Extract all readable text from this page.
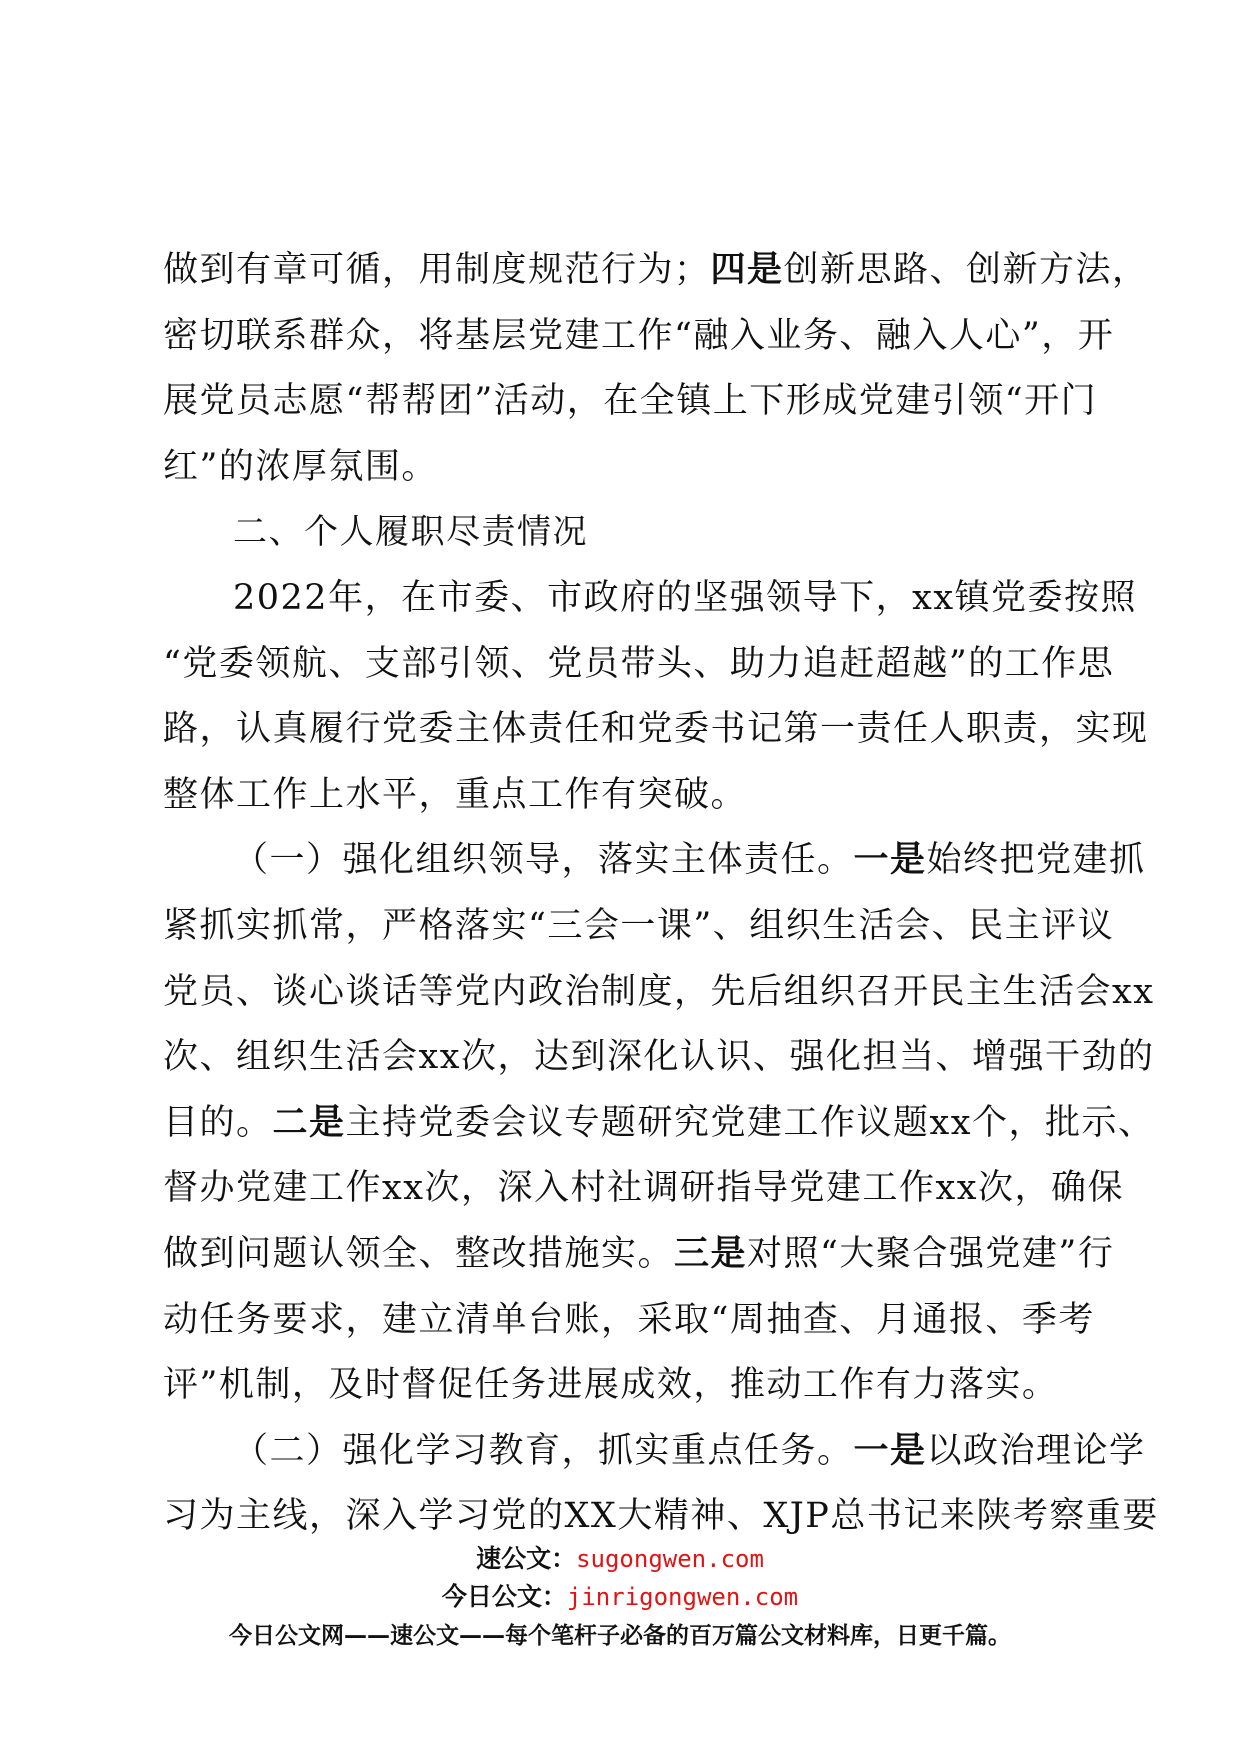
做到有章可循，用制度规范行为；四是创新思路、创新方法，
密切联系群众，将基层党建工作“融入业务、融入人心”，开
展党员志愿“帮帮团”活动，在全镇上下形成党建引领“开门
红”的浓厚氛围。
二、个人履职尽责情况
2022年，在市委、市政府的坚强领导下，xx镇党委按照
“党委领航、支部引领、党员带头、助力追赶超越”的工作思
路，认真履行党委主体责任和党委书记第一责任人职责，实现
整体工作上水平，重点工作有突破。
（一）强化组织领导，落实主体责任。一是始终把党建抓
紧抓实抓常，严格落实“三会一课”、组织生活会、民主评议
党员、谈心谈话等党内政治制度，先后组织召开民主生活会xx
次、组织生活会xx次，达到深化认识、强化担当、增强干劲的
目的。二是主持党委会议专题研究党建工作议题xx个，批示、
督办党建工作xx次，深入村社调研指导党建工作xx次，确保
做到问题认领全、整改措施实。三是对照“大聚合强党建”行
动任务要求，建立清单台账，采取“周抽查、月通报、季考
评”机制，及时督促任务进展成效，推动工作有力落实。
（二）强化学习教育，抓实重点任务。一是以政治理论学
习为主线，深入学习党的XX大精神、XJP总书记来陕考察重要
速公文：sugongwen.com
今日公文：jinrigongwen.com
今日公文网——速公文——每个笔杆子必备的百万篇公文材料库，日更千篇。
